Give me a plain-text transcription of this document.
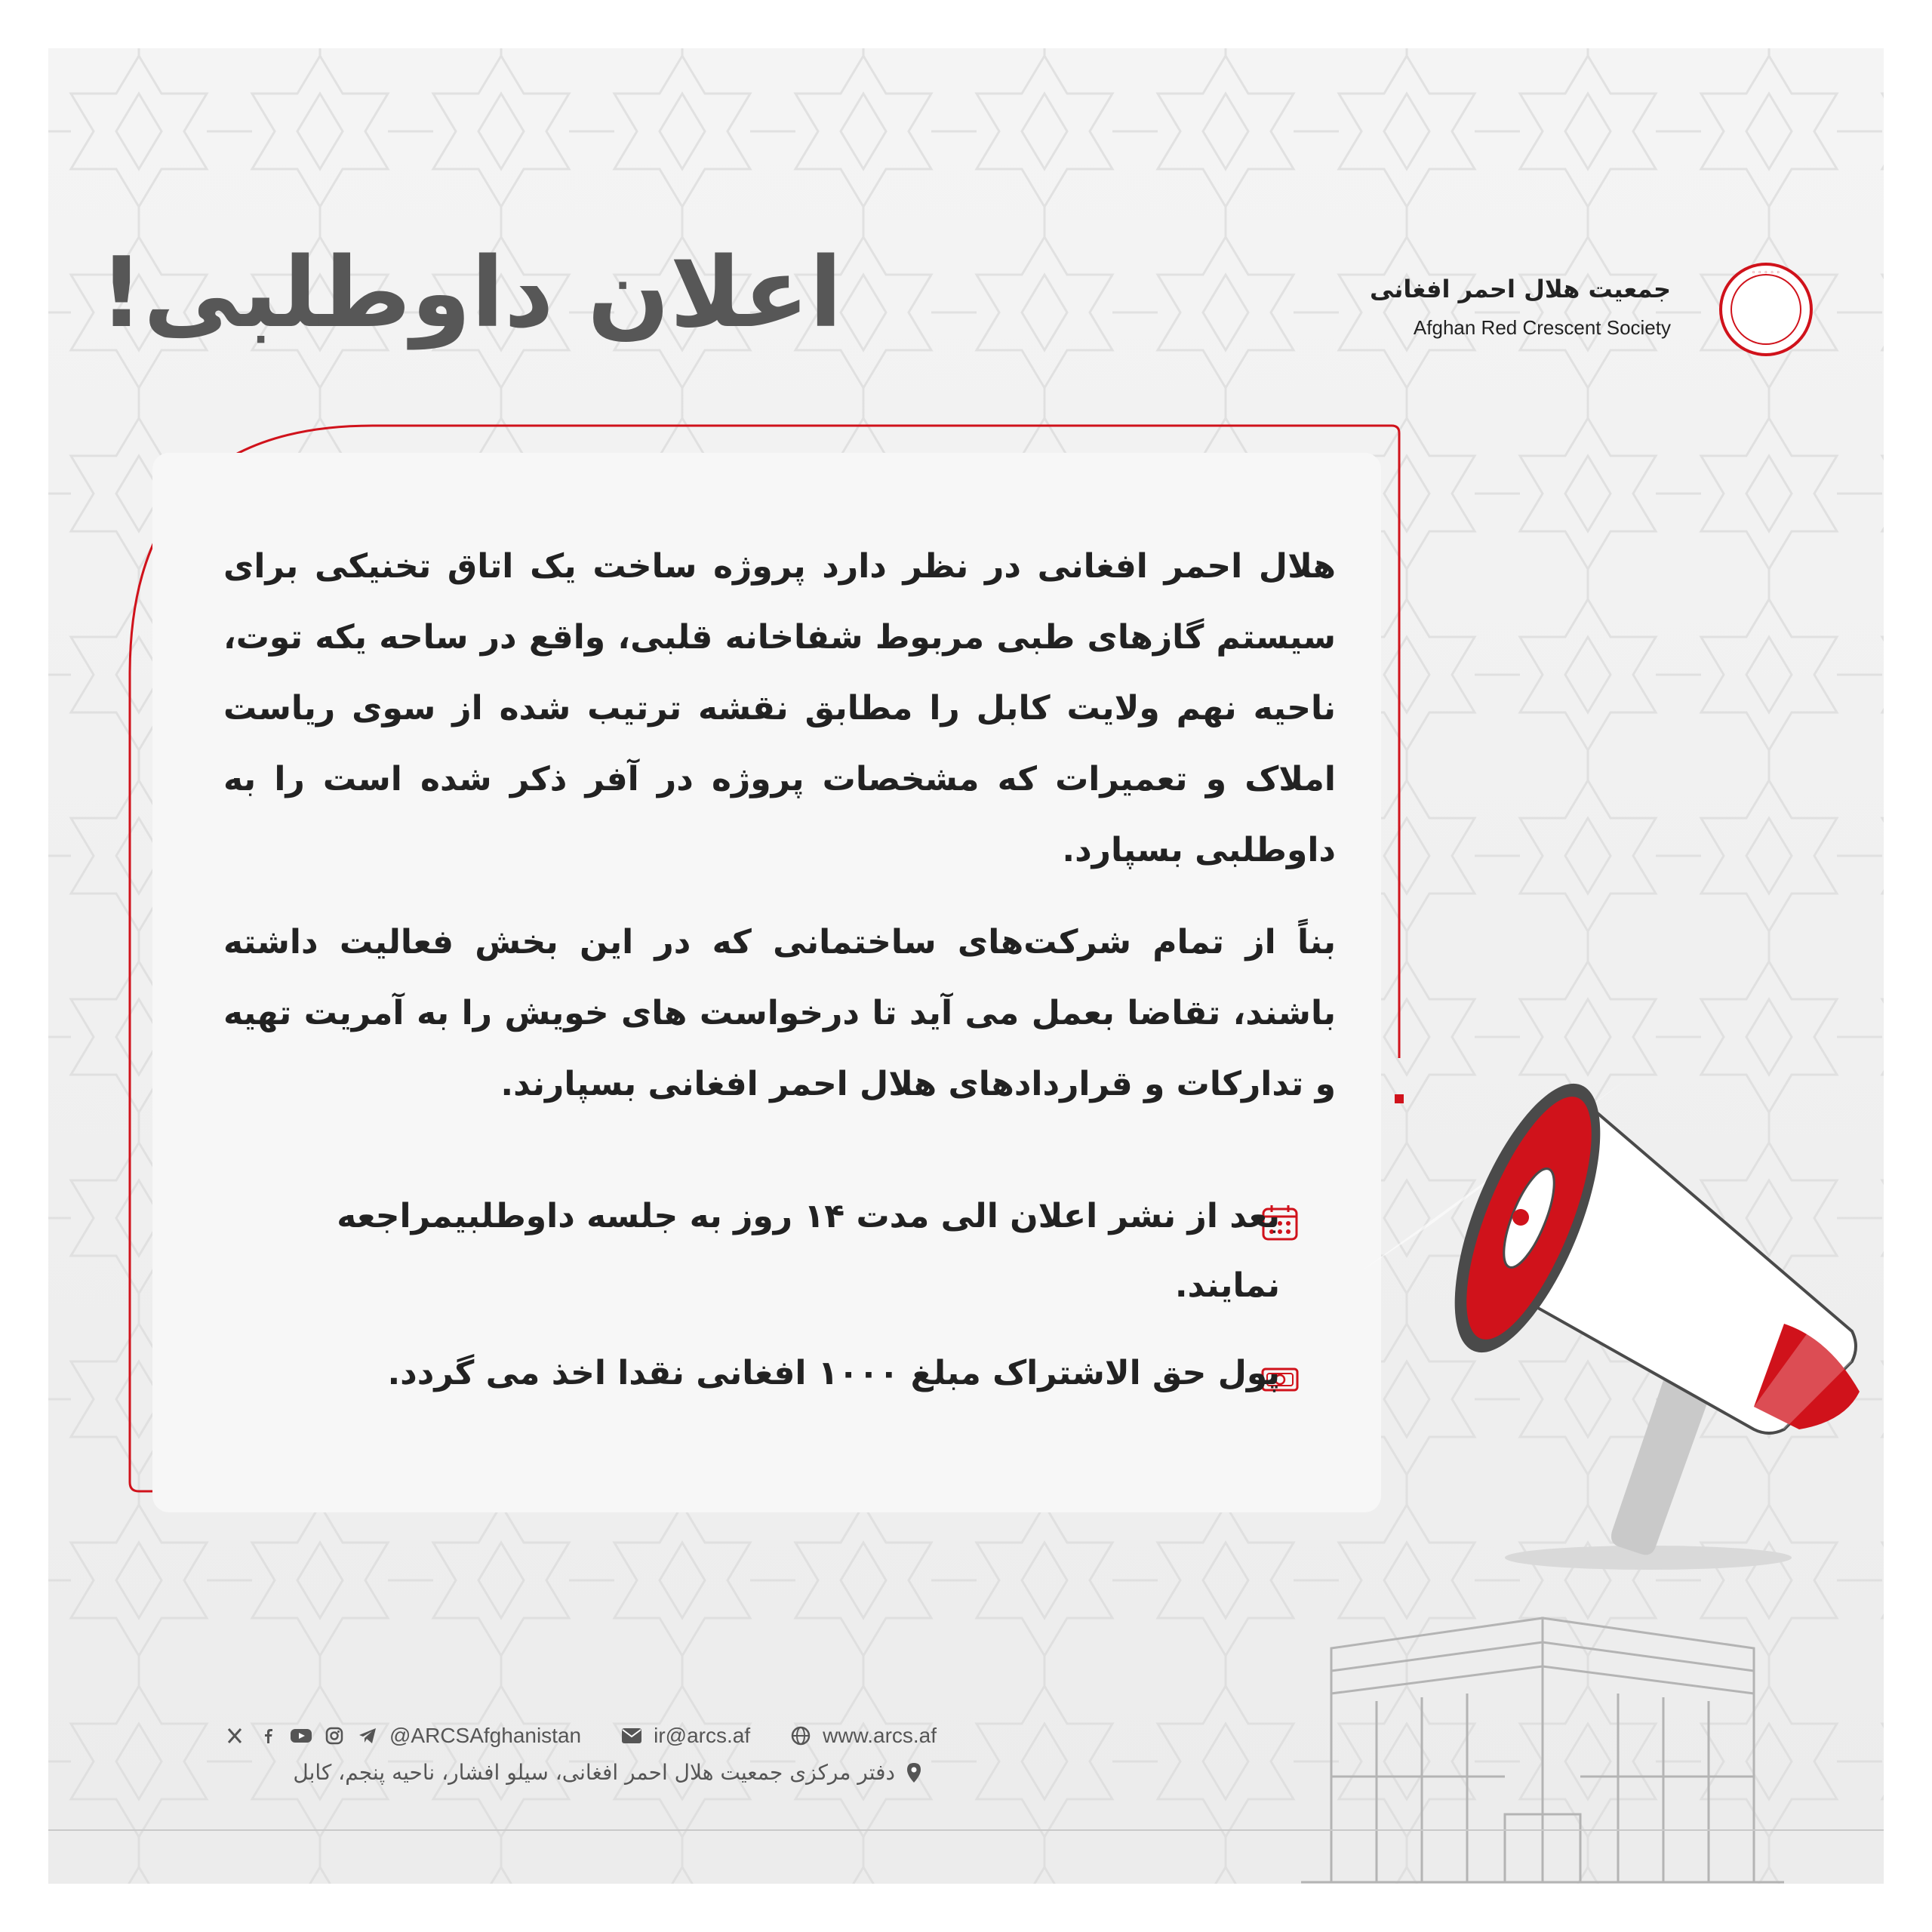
◦ ◦ ◦ ◦ ◦
جمعیت هلال احمر افغانی
Afghan Red Crescent Society
اعلان داوطلبی!

هلال احمر افغانی در نظر دارد پروژه ساخت یک اتاق تخنیکی برای سیستم گازهای طبی مربوط شفاخانه قلبی، واقع در ساحه یکه توت، ناحیه نهم ولایت کابل را مطابق نقشه ترتیب شده از سوی ریاست املاک و تعمیرات که مشخصات پروژه در آفر ذکر شده است را به داوطلبی بسپارد.

بناً از تمام شرکت‌های ساختمانی که در این بخش فعالیت داشته باشند، تقاضا بعمل می آید تا درخواست های خویش را به آمریت تهیه و تدارکات و قراردادهای هلال احمر افغانی بسپارند.

بعد از نشر اعلان الی مدت ۱۴ روز به جلسه داوطلبیمراجعه نمایند.
پول حق الاشتراک مبلغ ۱۰۰۰ افغانی نقدا اخذ می گردد.
@ARCSAfghanistan	ir@arcs.af	www.arcs.af
دفتر مرکزی جمعیت هلال احمر افغانی، سیلو افشار، ناحیه پنجم، کابل
